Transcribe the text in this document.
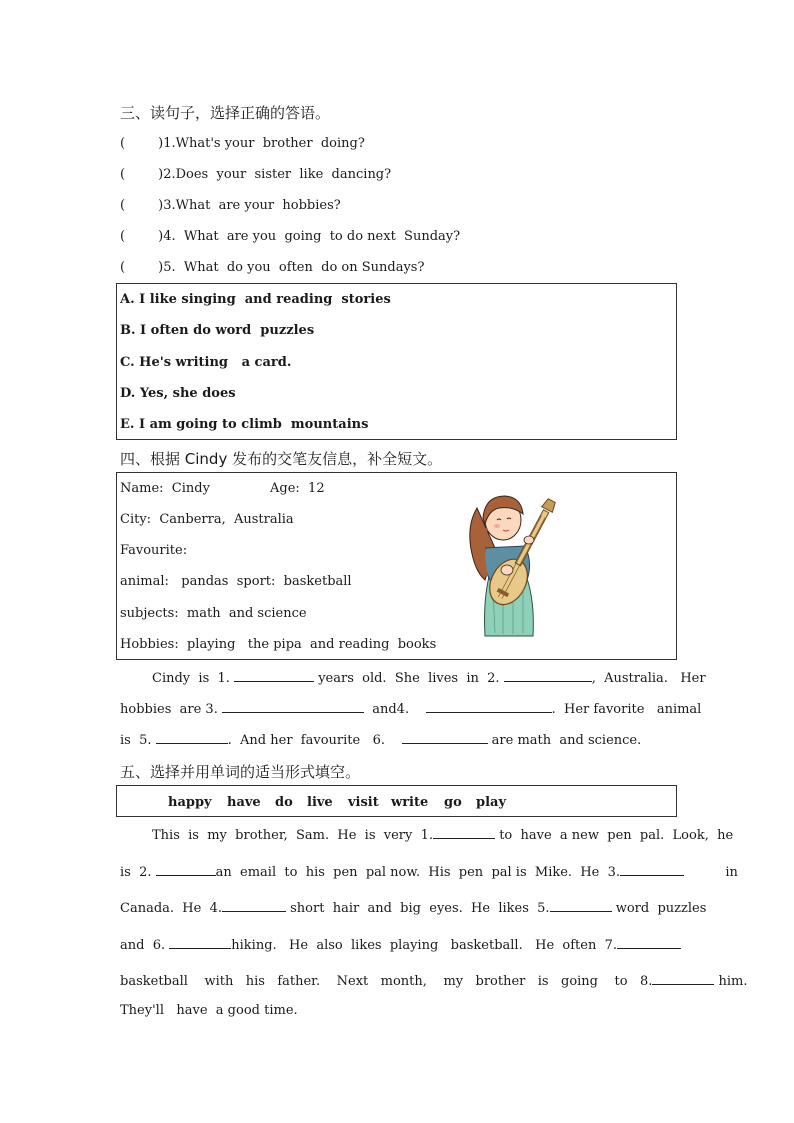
三、读句子，选择正确的答语。
(        )1.What's your  brother  doing?
(        )2.Does  your  sister  like  dancing?
(        )3.What  are your  hobbies?
(        )4.  What  are you  going  to do next  Sunday?
(        )5.  What  do you  often  do on Sundays?
A. I like singing  and reading  stories
B. I often do word  puzzles
C. He's writing   a card.
D. Yes, she does
E. I am going to climb  mountains
四、根据 Cindy 发布的交笔友信息，补全短文。
Name:  Cindy	Age:  12
City:  Canberra,  Australia
Favourite:
animal:   pandas  sport:  basketball
subjects:  math  and science
Hobbies:  playing   the pipa  and reading  books
Cindy  is  1.	years  old.  She  lives  in  2.	,  Australia.   Her
hobbies  are 3.	and4.	.  Her favorite   animal
is  5.	.  And her  favourite   6.	are math  and science.
五、选择并用单词的适当形式填空。
happy have do live visit write go play
This  is  my  brother,  Sam.  He  is  very  1.	to  have  a new  pen  pal.  Look,  he
is  2.	an  email  to  his  pen  pal now.  His  pen  pal is  Mike.  He  3.	in
Canada.  He  4.	short  hair  and  big  eyes.  He  likes  5.	word  puzzles
and  6.	hiking.   He  also  likes  playing   basketball.   He  often  7.
basketball    with   his   father.    Next   month,    my   brother   is   going    to   8.	him.
They'll   have  a good time.
